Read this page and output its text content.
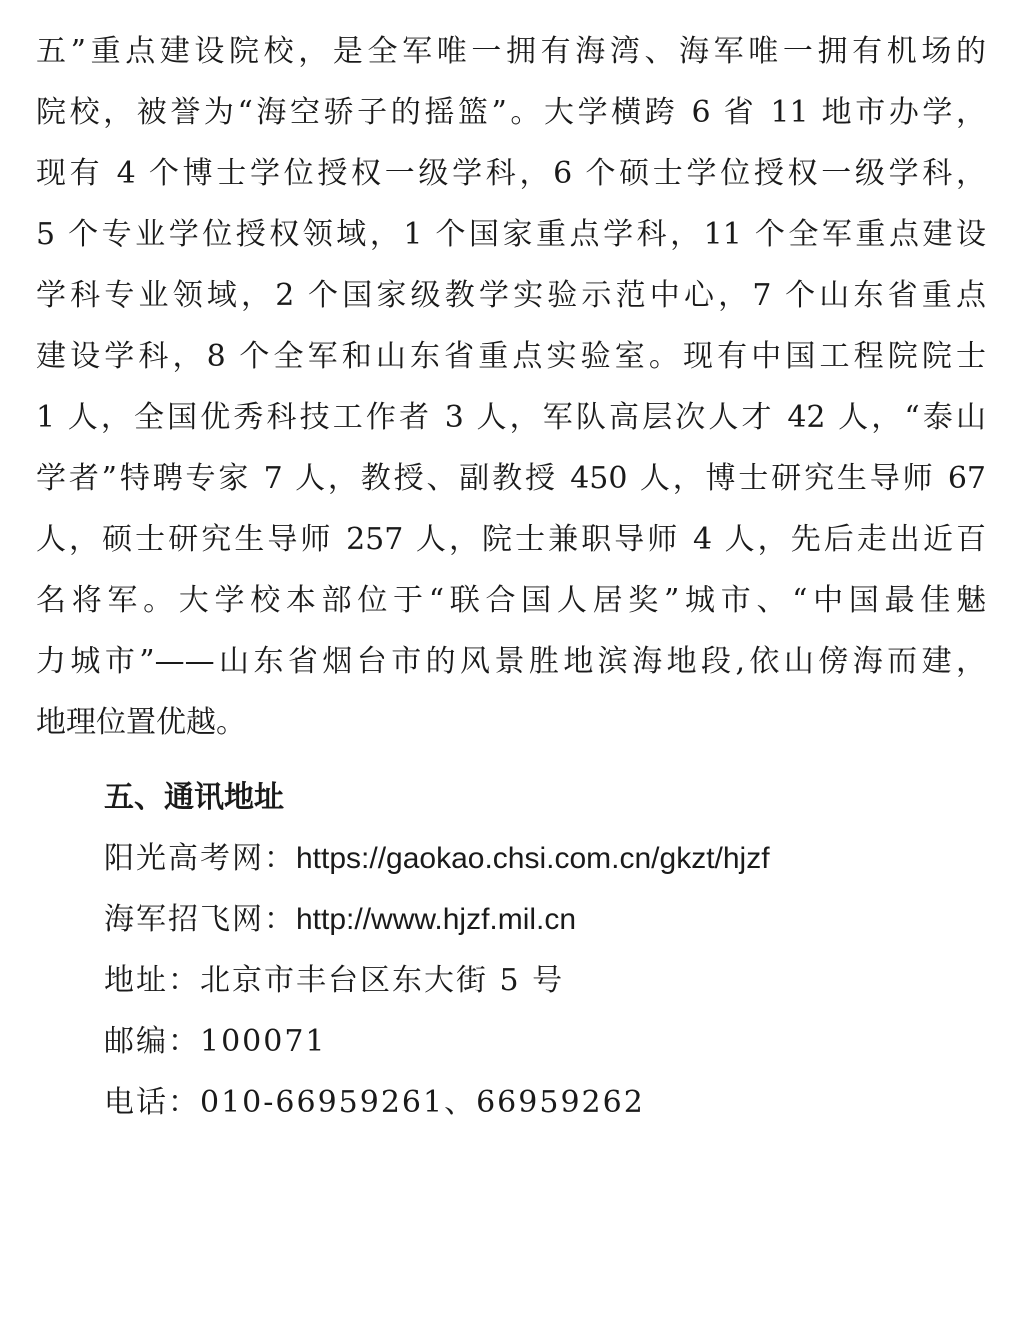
五”重点建设院校，是全军唯一拥有海湾、海军唯一拥有机场的
院校，被誉为“海空骄子的摇篮”。大学横跨 6 省 11 地市办学，
现有 4 个博士学位授权一级学科，6 个硕士学位授权一级学科，
5 个专业学位授权领域，1 个国家重点学科，11 个全军重点建设
学科专业领域，2 个国家级教学实验示范中心，7 个山东省重点
建设学科，8 个全军和山东省重点实验室。现有中国工程院院士
1 人，全国优秀科技工作者 3 人，军队高层次人才 42 人，“泰山
学者”特聘专家 7 人，教授、副教授 450 人，博士研究生导师 67
人，硕士研究生导师 257 人，院士兼职导师 4 人，先后走出近百
名将军。大学校本部位于“联合国人居奖”城市、“中国最佳魅
力城市”——山东省烟台市的风景胜地滨海地段,依山傍海而建，
地理位置优越。
五、通讯地址
阳光高考网：https://gaokao.chsi.com.cn/gkzt/hjzf
海军招飞网：http://www.hjzf.mil.cn
地址：北京市丰台区东大街 5 号
邮编：100071
电话：010-66959261、66959262
